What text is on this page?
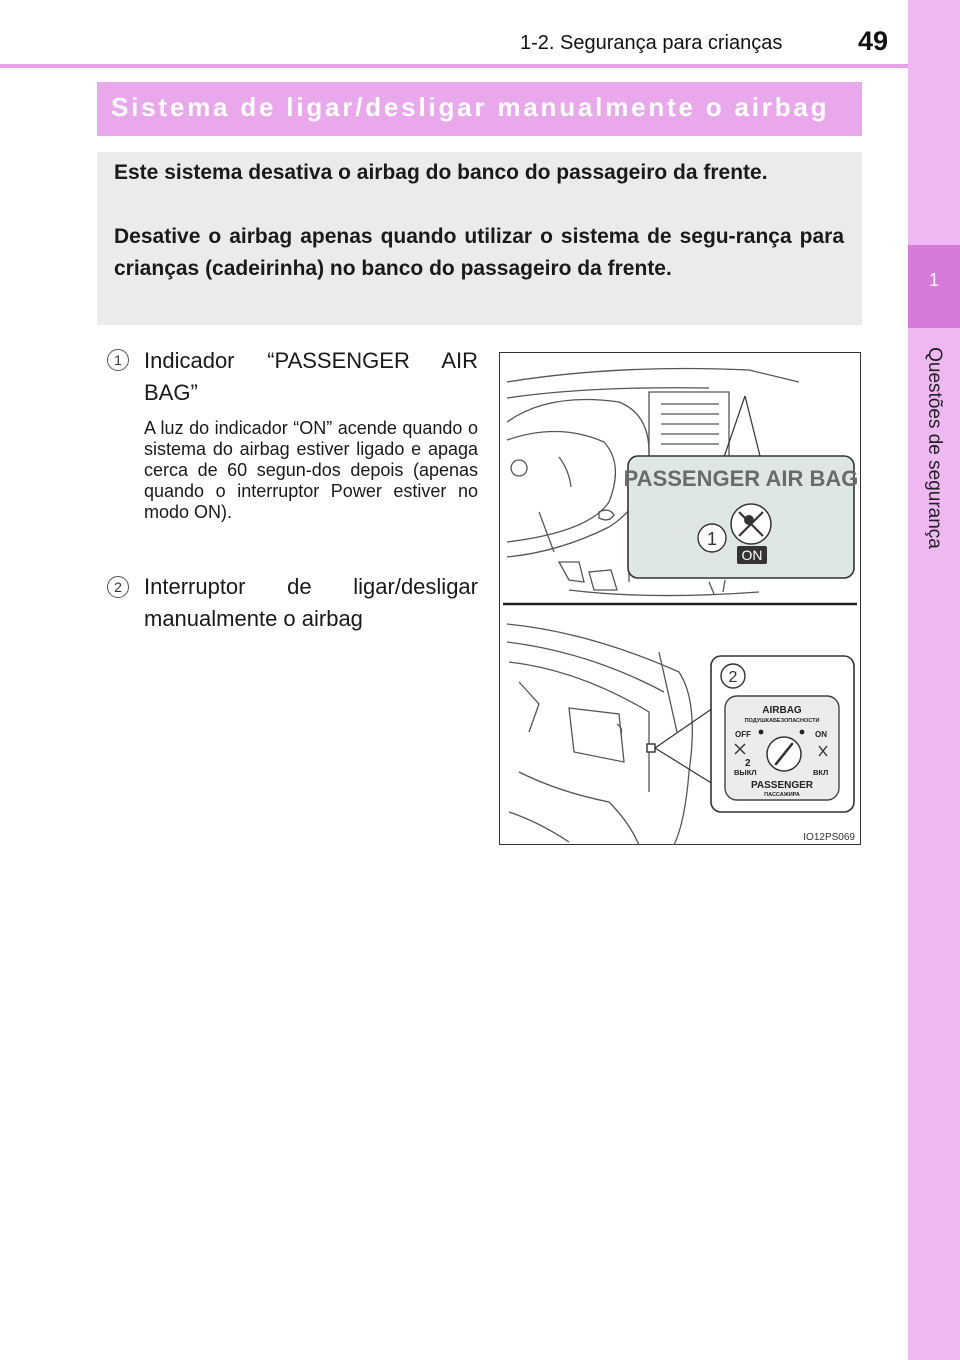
1-2. Segurança para crianças	49
1
Questões de segurança
Sistema de ligar/desligar manualmente o airbag

Este sistema desativa o airbag do banco do passageiro da frente.

Desative o airbag apenas quando utilizar o sistema de segu-rança para crianças (cadeirinha) no banco do passageiro da frente.

1	Indicador “PASSENGER AIR BAG”
A luz do indicador “ON” acende quando o sistema do airbag estiver ligado e apaga cerca de 60 segun-dos depois (apenas quando o interruptor Power estiver no modo ON).
2	Interruptor de ligar/desligar manualmente o airbag
PASSENGER AIR BAG
ON
1
2
AIRBAG
ПОДУШКАБЕЗОПАСНОСТИ
OFF	ON
2
ВЫКЛ	ВКЛ
PASSENGER
ПАССАЖИРА
IO12PS069
